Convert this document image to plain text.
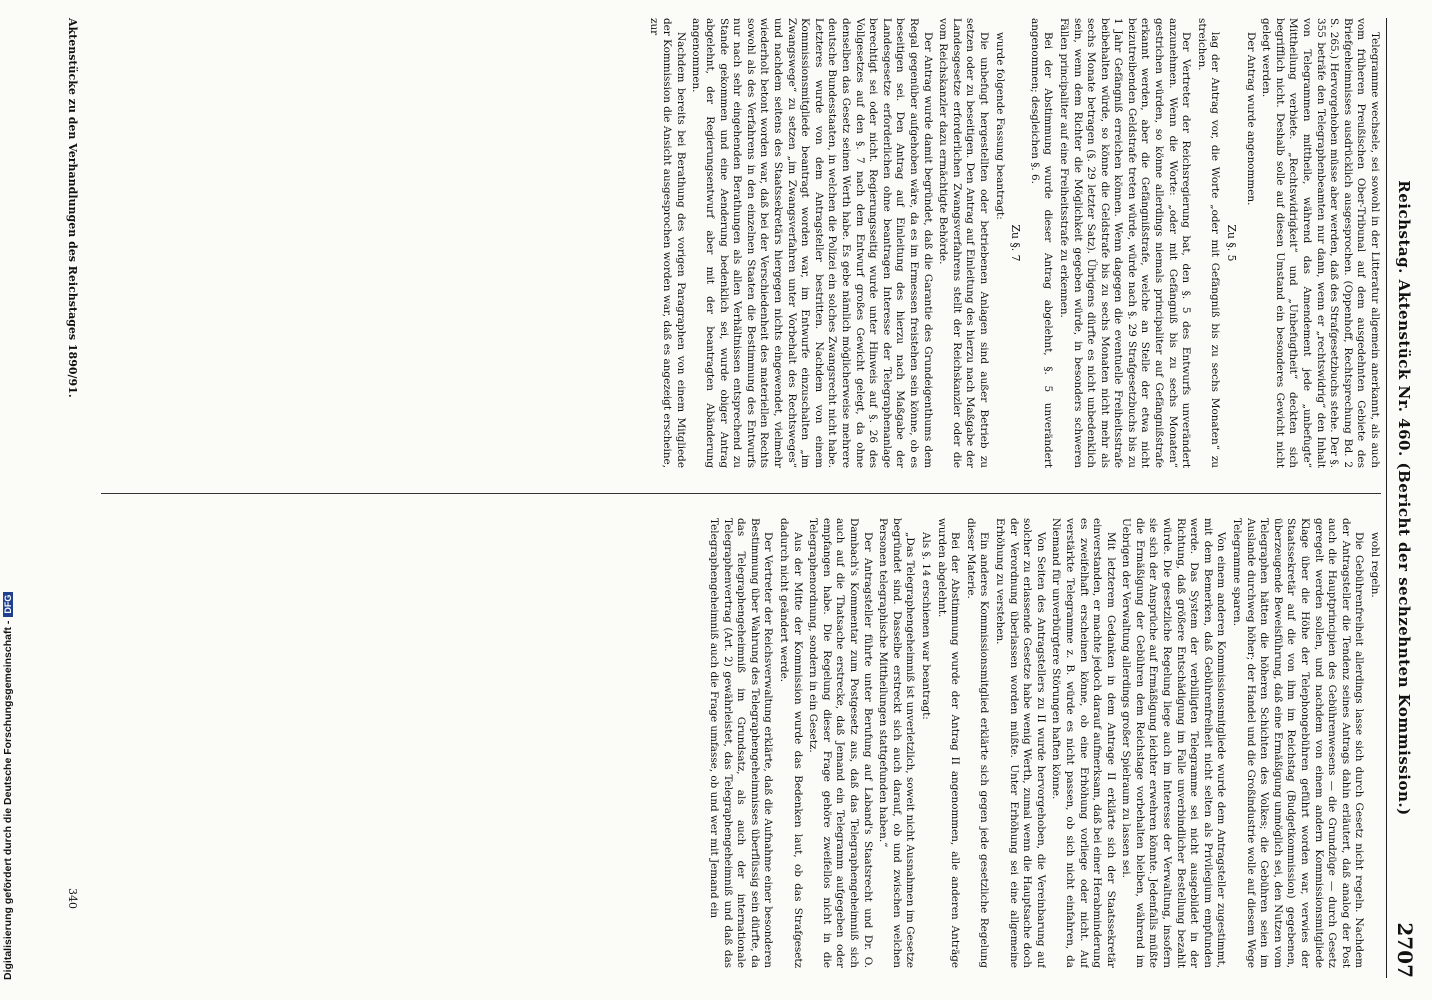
Reichstag. Aktenstück Nr. 460. (Bericht der sechzehnten Kommission.)
2707

Telegramme wechsele, sei sowohl in der Litteratur allgemein anerkannt, als auch vom früheren Preußischen Ober-Tribunal auf dem ausgedehnten Gebiete des Briefgeheimnisses ausdrücklich ausgesprochen. (Oppenhoff, Rechtsprechung Bd. 2 S. 265.) Hervorgehoben müsse aber werden, daß des Strafgesetzbuchs stehe. Der §. 355 beträfe den Telegraphenbeamten nur dann, wenn er „rechtswidrig“ den Inhalt von Telegrammen mittheile, während das Amendement jede „unbefugte“ Mittheilung verbiete. „Rechtswidrigkeit“ und „Unbefugtheit“ deckten sich begrifflich nicht. Deshalb solle auf diesen Umstand ein besonderes Gewicht nicht gelegt werden.

Der Antrag wurde angenommen.

Zu §. 5

lag der Antrag vor, die Worte „oder mit Gefängniß bis zu sechs Monaten“ zu streichen.

Der Vertreter der Reichsregierung bat, den §. 5 des Entwurfs unverändert anzunehmen. Wenn die Worte: „oder mit Gefängniß bis zu sechs Monaten“ gestrichen würden, so könne allerdings niemals principaliter auf Gefängnißstrafe erkannt werden, aber die Gefängnißstrafe, welche an Stelle der etwa nicht beizutreibenden Geldstrafe treten würde, würde nach §. 29 Strafgesetzbuchs bis zu 1 Jahr Gefängniß erreichen können. Wenn dagegen die eventuelle Freiheitsstrafe beibehalten würde, so könne die Geldstrafe bis zu sechs Monaten nicht mehr als sechs Monate betragen (§. 29 letzter Satz). Übrigens dürfte es nicht unbedenklich sein, wenn dem Richter die Möglichkeit gegeben würde, in besonders schweren Fällen principaliter auf eine Freiheitsstrafe zu erkennen.

Bei der Abstimmung wurde dieser Antrag abgelehnt, §. 5 unverändert angenommen; desgleichen §. 6.

Zu §. 7

wurde folgende Fassung beantragt:

Die unbefugt hergestellten oder betriebenen Anlagen sind außer Betrieb zu setzen oder zu beseitigen. Den Antrag auf Einleitung des hierzu nach Maßgabe der Landesgesetze erforderlichen Zwangsverfahrens stellt der Reichskanzler oder die vom Reichskanzler dazu ermächtigte Behörde.

Der Antrag wurde damit begründet, daß die Garantie des Grundeigenthums dem Regal gegenüber aufgehoben wäre, da es im Ermessen freistehen sein könne, ob es beseitigen sei. Den Antrag auf Einleitung des hierzu nach Maßgabe der Landesgesetze erforderlichen ohne beantragen Interesse der Telegraphenanlage berechtigt sei oder nicht. Regierungsseitig wurde unter Hinweis auf §. 26 des Vollgesetzes auf den §. 7 nach dem Entwurf großes Gewicht gelegt, da ohne denselben das Gesetz seinen Werth habe. Es gebe nämlich möglicherweise mehrere deutsche Bundesstaaten, in welchen die Polizei ein solches Zwangsrecht nicht habe. Letzteres wurde von dem Antragsteller bestritten. Nachdem von einem Kommissionsmitgliede beantragt worden war, im Entwurfe einzuschalten „im Zwangswege“ zu setzen „im Zwangsverfahren unter Vorbehalt des Rechtsweges“ und nachdem seitens des Staatssekretärs hiergegen nichts eingewendet, vielmehr wiederholt betont worden war, daß bei der Verschiedenheit des materiellen Rechts sowohl als des Verfahrens in den einzelnen Staaten die Bestimmung des Entwurfs nur nach sehr eingehenden Berathungen als allen Verhältnissen entsprechend zu Stande gekommen und eine Aenderung bedenklich sei, wurde obiger Antrag abgelehnt, der Regierungsentwurf aber mit der beantragten Abänderung angenommen.

Nachdem bereits bei Berathung des vorigen Paragraphen von einem Mitgliede der Kommission die Ansicht ausgesprochen worden war, daß es angezeigt erscheine, zur

wohl regeln.

Die Gebührenfreiheit allerdings lasse sich durch Gesetz nicht regeln. Nachdem der Antragsteller die Tendenz seines Antrags dahin erläutert, daß analog der Post auch die Hauptprincipien des Gebührenwesens — die Grundzüge — durch Gesetz geregelt werden sollen, und nachdem von einem andern Kommissionsmitgliede Klage über die Höhe der Telephongebühren geführt worden war, verwies der Staatssekretär auf die von ihm im Reichstag (Budgetkommission) gegebenen, überzeugende Beweisführung, daß eine Ermäßigung unmöglich sei, den Nutzen vom Telegraphen hätten die höheren Schichten des Volkes; die Gebühren seien im Auslande durchweg höher; der Handel und die Großindustrie wolle auf diesem Wege Telegramme sparen.

Von einem anderen Kommissionsmitgliede wurde dem Antragsteller zugestimmt, mit dem Bemerken, daß Gebührenfreiheit nicht selten als Privilegium empfunden werde. Das System der verbilligten Telegramme sei nicht ausgebildet in der Richtung, daß größere Entschädigung im Falle unverbindlicher Bestellung bezahlt würde. Die gesetzliche Regelung liege auch im Interesse der Verwaltung, insofern sie sich der Ansprüche auf Ermäßigung leichter erwehren könnte. Jedenfalls müßte die Ermäßigung der Gebühren dem Reichstage vorbehalten bleiben, während im Uebrigen der Verwaltung allerdings großer Spielraum zu lassen sei.

Mit letzterem Gedanken in dem Antrage II erklärte sich der Staatssekretär einverstanden, er machte jedoch darauf aufmerksam, daß bei einer Herabminderung es zweifelhaft erscheinen könne, ob eine Erhöhung vorliege oder nicht. Auf verstärkte Telegramme z. B. würde es nicht passen, ob sich nicht einfahren, da Niemand für unverbürgtere Störungen haften könne.

Von Seiten des Antragstellers zu II wurde hervorgehoben, die Vereinbarung auf solcher zu erlassende Gesetze habe wenig Werth, zumal wenn die Hauptsache doch der Verordnung überlassen worden müßte. Unter Erhöhung sei eine allgemeine Erhöhung zu verstehen.

Ein anderes Kommissionsmitglied erklärte sich gegen jede gesetzliche Regelung dieser Materie.

Bei der Abstimmung wurde der Antrag II angenommen, alle anderen Anträge wurden abgelehnt.

Als §. 14 erschienen war beantragt:

„Das Telegraphengeheimniß ist unverletzlich, soweit nicht Ausnahmen im Gesetze begründet sind. Dasselbe erstreckt sich auch darauf, ob und zwischen welchen Personen telegraphische Mittheilungen stattgefunden haben.“

Der Antragsteller führte unter Berufung auf Laband's Staatsrecht und Dr. O. Dambach's Kommentar zum Postgesetz aus, daß das Telegraphengeheimniß sich auch auf die Thatsache erstrecke, daß Jemand ein Telegramm aufgegeben oder empfangen habe. Die Regelung dieser Frage gehöre zweifellos nicht in die Telegraphenordnung, sondern in ein Gesetz.

Aus der Mitte der Kommission wurde das Bedenken laut, ob das Strafgesetz dadurch nicht geändert werde.

Der Vertreter der Reichsverwaltung erklärte, daß die Aufnahme einer besonderen Bestimmung über Wahrung des Telegraphengeheimnisses überflüssig sein dürfte, da das Telegraphengeheimniß im Grundsatz, als auch der internationale Telegraphenvertrag (Art. 2) gewährleistet, das Telegraphengeheimniß und daß das Telegraphengeheimniß auch die Frage umfasse, ob und wer mit Jemand ein

Aktenstücke zu den Verhandlungen des Reichstages 1890/91.
340
Digitalisierung gefördert durch die Deutsche Forschungsgemeinschaft -DFG
